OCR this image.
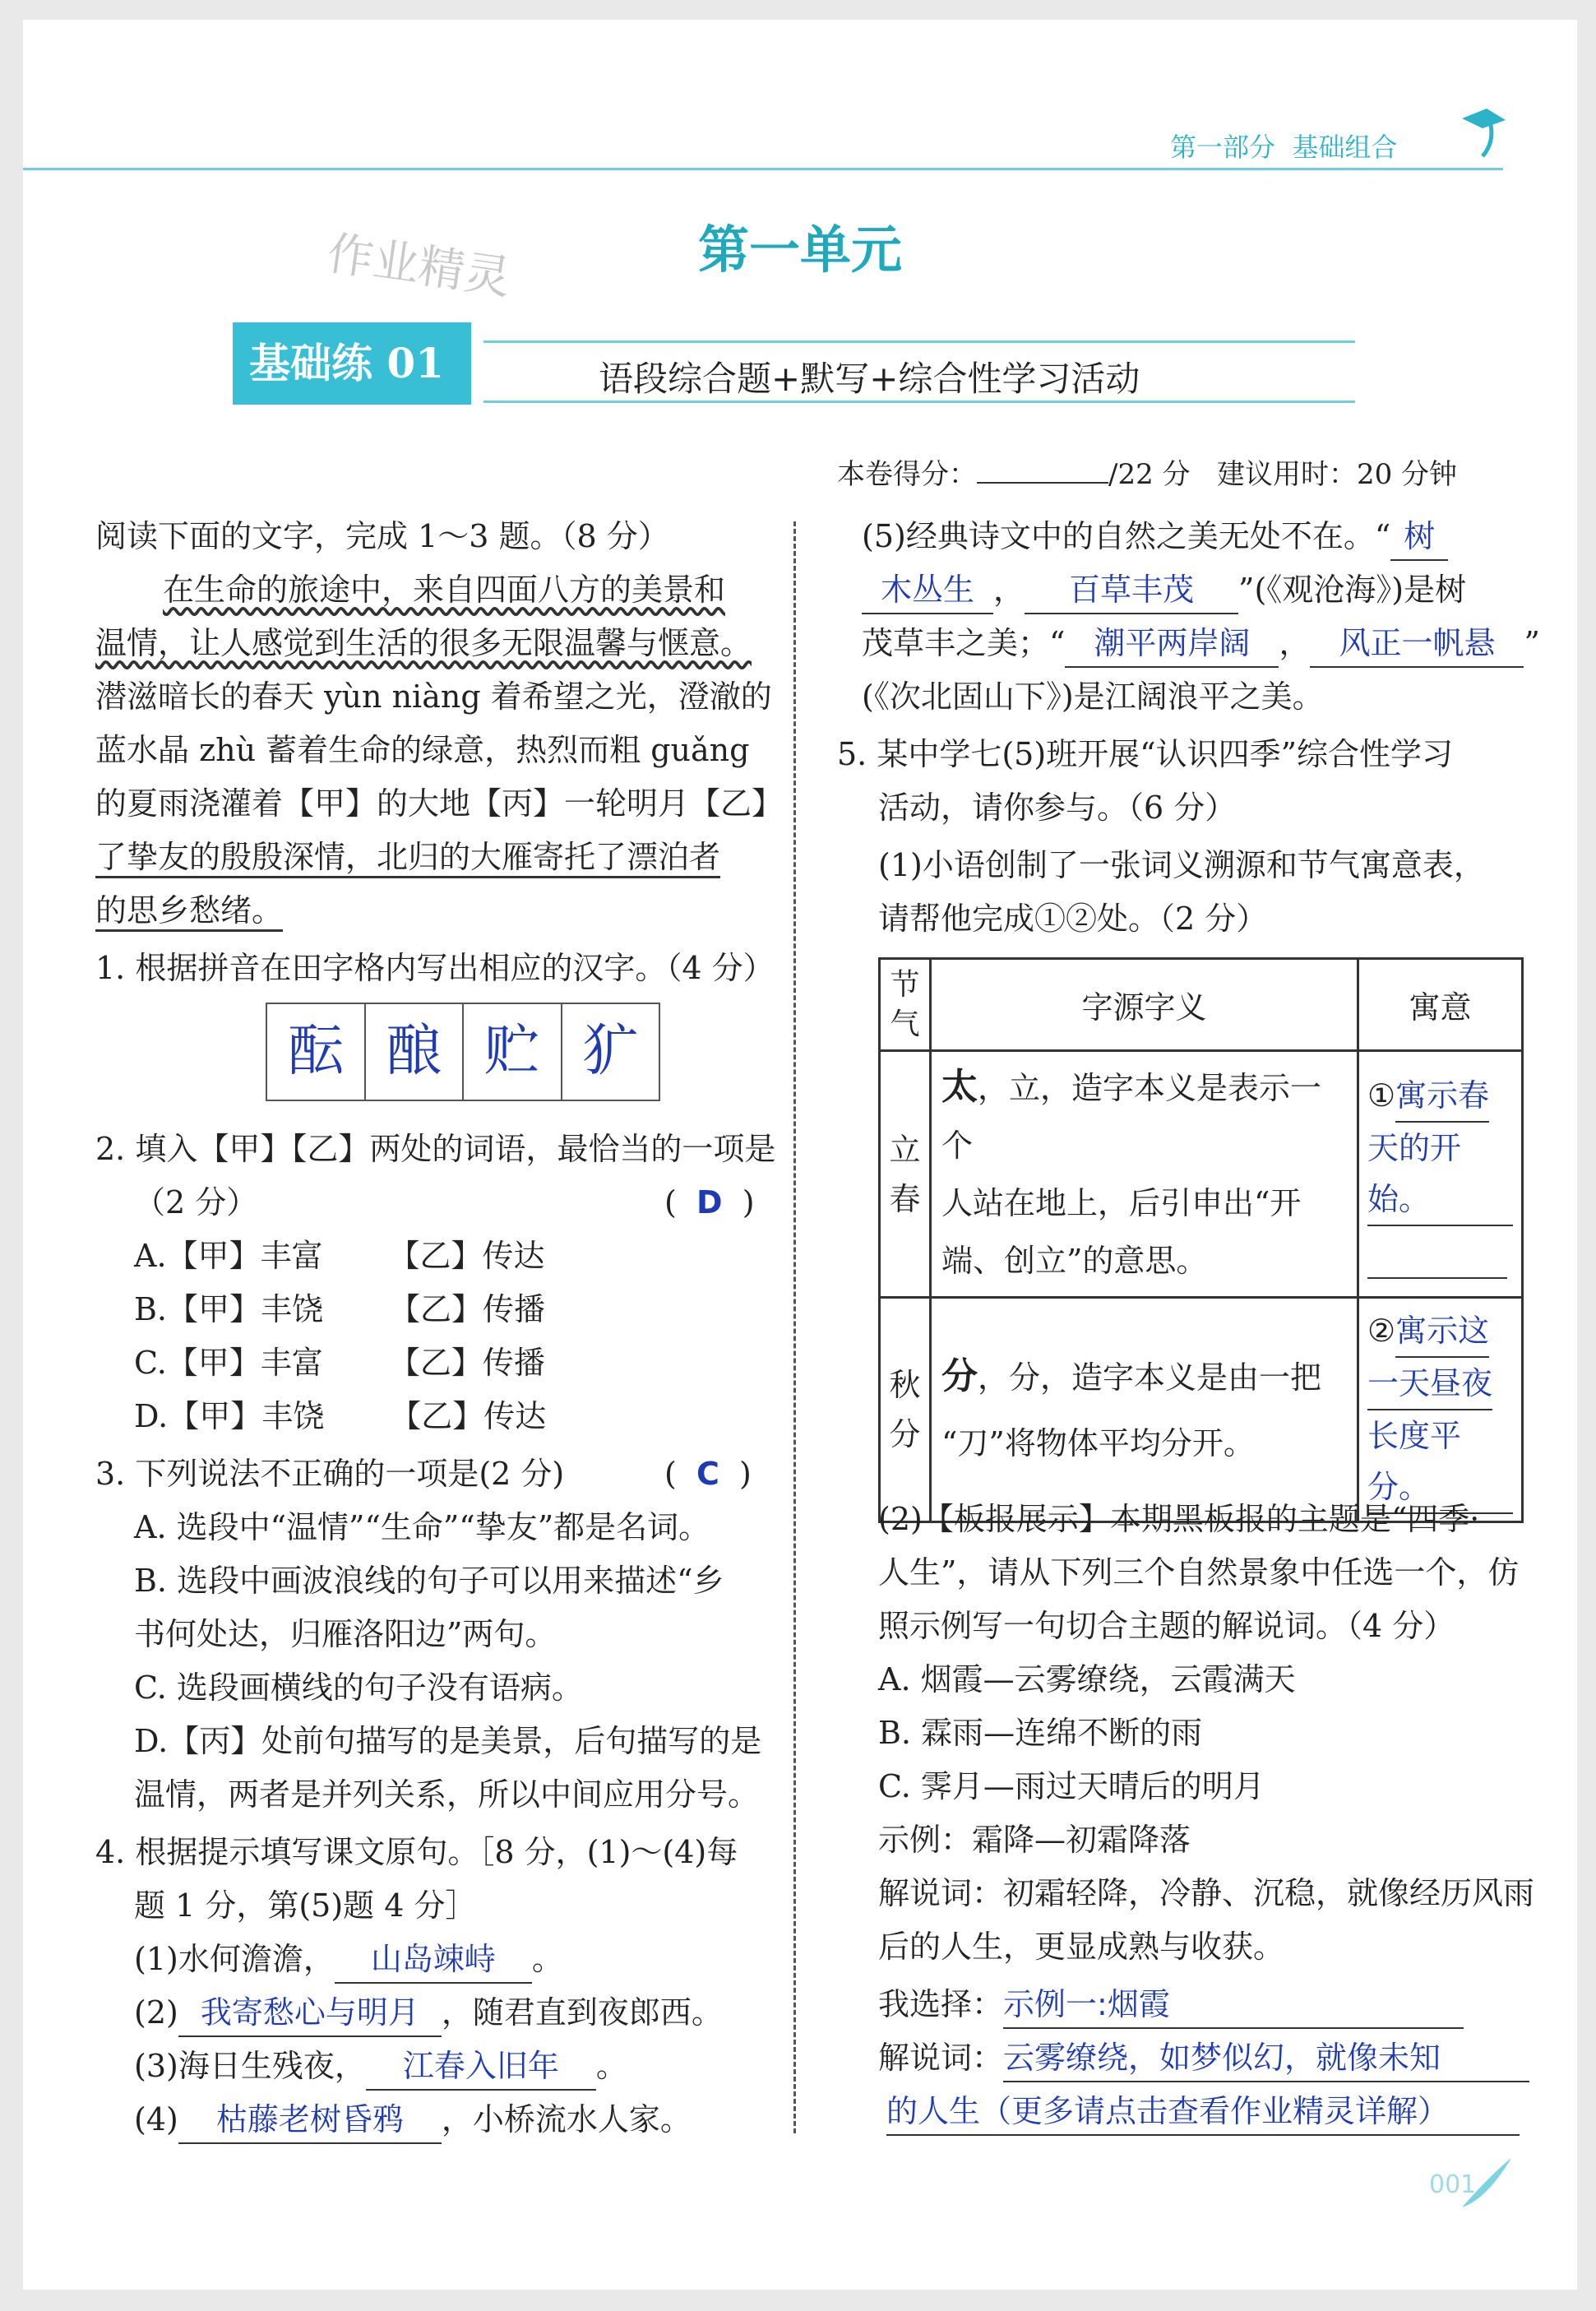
第一部分 基础组合
第一单元
作业精灵
基础练 01	语段综合题+默写+综合性学习活动
本卷得分：	/22 分 建议用时：20 分钟
阅读下面的文字，完成 1～3 题。（8 分）
在生命的旅途中，来自四面八方的美景和
温情，让人感觉到生活的很多无限温馨与惬意。
潜滋暗长的春天 yùn niàng 着希望之光，澄澈的
蓝水晶 zhù 蓄着生命的绿意，热烈而粗 guǎng
的夏雨浇灌着【甲】的大地【丙】一轮明月【乙】
了挚友的殷殷深情，北归的大雁寄托了漂泊者
的思乡愁绪。
1. 根据拼音在田字格内写出相应的汉字。（4 分）
酝 酿 贮 犷
2. 填入【甲】【乙】两处的词语，最恰当的一项是
（2 分）	(  D  )
A.【甲】丰富 【乙】传达
B.【甲】丰饶 【乙】传播
C.【甲】丰富 【乙】传播
D.【甲】丰饶 【乙】传达
3. 下列说法不正确的一项是(2 分)	(  C  )
A. 选段中“温情”“生命”“挚友”都是名词。
B. 选段中画波浪线的句子可以用来描述“乡
书何处达，归雁洛阳边”两句。
C. 选段画横线的句子没有语病。
D.【丙】处前句描写的是美景，后句描写的是
温情，两者是并列关系，所以中间应用分号。
4. 根据提示填写课文原句。［8 分，(1)～(4)每
题 1 分，第(5)题 4 分］
(1)水何澹澹， 山岛竦峙 。
(2) 我寄愁心与明月 ，随君直到夜郎西。
(3)海日生残夜， 江春入旧年 。
(4) 枯藤老树昏鸦 ，小桥流水人家。
(5)经典诗文中的自然之美无处不在。“ 树
木丛生 ， 百草丰茂 ”(《观沧海》)是树
茂草丰之美；“ 潮平两岸阔 ， 风正一帆悬 ”
(《次北固山下》)是江阔浪平之美。
5. 某中学七(5)班开展“认识四季”综合性学习
活动，请你参与。（6 分）
(1)小语创制了一张词义溯源和节气寓意表，
请帮他完成①②处。（2 分）
节气	字源字义	寓意

立春	太，立，造字本义是表示一个
人站在地上，后引申出“开
端、创立”的意思。	①寓示春
天的开始。

秋分	分，分，造字本义是由一把
“刀”将物体平均分开。	②寓示这
一天昼夜
长度平分。
(2)【板报展示】本期黑板报的主题是“四季·
人生”，请从下列三个自然景象中任选一个，仿
照示例写一句切合主题的解说词。（4 分）
A. 烟霞—云雾缭绕，云霞满天
B. 霖雨—连绵不断的雨
C. 霁月—雨过天晴后的明月
示例：霜降—初霜降落
解说词：初霜轻降，冷静、沉稳，就像经历风雨
后的人生，更显成熟与收获。
我选择：示例一:烟霞
解说词：云雾缭绕，如梦似幻，就像未知
的人生（更多请点击查看作业精灵详解）
001
